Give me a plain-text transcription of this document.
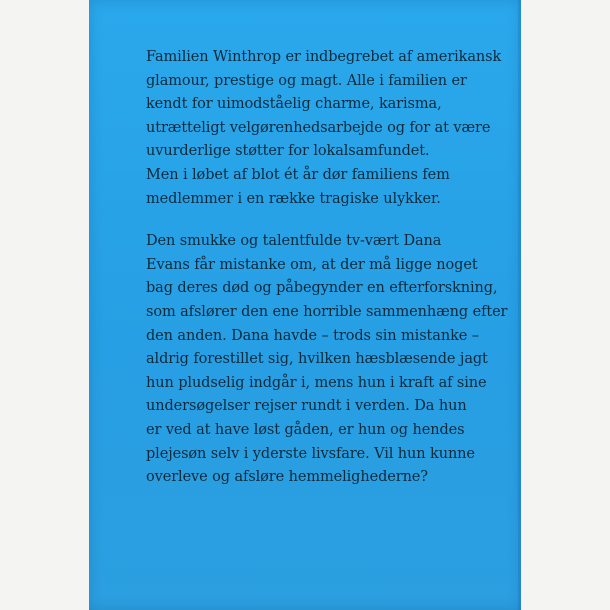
Familien Winthrop er indbegrebet af amerikansk
glamour, prestige og magt. Alle i familien er
kendt for uimodståelig charme, karisma,
utrætteligt velgørenhedsarbejde og for at være
uvurderlige støtter for lokalsamfundet.
Men i løbet af blot ét år dør familiens fem
medlemmer i en række tragiske ulykker.
Den smukke og talentfulde tv-vært Dana
Evans får mistanke om, at der må ligge noget
bag deres død og påbegynder en efterforskning,
som afslører den ene horrible sammenhæng efter
den anden. Dana havde – trods sin mistanke –
aldrig forestillet sig, hvilken hæsblæsende jagt
hun pludselig indgår i, mens hun i kraft af sine
undersøgelser rejser rundt i verden. Da hun
er ved at have løst gåden, er hun og hendes
plejesøn selv i yderste livsfare. Vil hun kunne
overleve og afsløre hemmelighederne?
